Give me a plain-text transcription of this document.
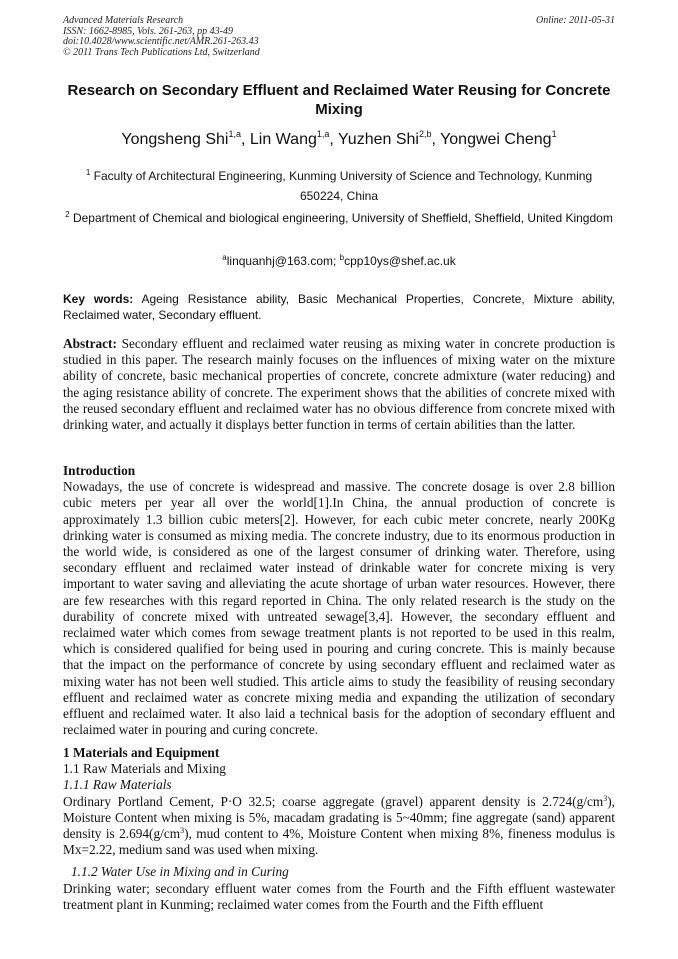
Advanced Materials Research
ISSN: 1662-8985, Vols. 261-263, pp 43-49
doi:10.4028/www.scientific.net/AMR.261-263.43
© 2011 Trans Tech Publications Ltd, Switzerland
Online: 2011-05-31
Research on Secondary Effluent and Reclaimed Water Reusing for Concrete Mixing
Yongsheng Shi$^{1,a}$, Lin Wang$^{1,a}$, Yuzhen Shi$^{2,b}$, Yongwei Cheng$^1$
$^1$ Faculty of Architectural Engineering, Kunming University of Science and Technology, Kunming 650224, China
$^2$ Department of Chemical and biological engineering, University of Sheffield, Sheffield, United Kingdom
$^a$linquanhj@163.com; $^b$cpp10ys@shef.ac.uk
Key words: Ageing Resistance ability, Basic Mechanical Properties, Concrete, Mixture ability, Reclaimed water, Secondary effluent.
Abstract: Secondary effluent and reclaimed water reusing as mixing water in concrete production is studied in this paper. The research mainly focuses on the influences of mixing water on the mixture ability of concrete, basic mechanical properties of concrete, concrete admixture (water reducing) and the aging resistance ability of concrete. The experiment shows that the abilities of concrete mixed with the reused secondary effluent and reclaimed water has no obvious difference from concrete mixed with drinking water, and actually it displays better function in terms of certain abilities than the latter.
Introduction
Nowadays, the use of concrete is widespread and massive. The concrete dosage is over 2.8 billion cubic meters per year all over the world[1].In China, the annual production of concrete is approximately 1.3 billion cubic meters[2]. However, for each cubic meter concrete, nearly 200Kg drinking water is consumed as mixing media. The concrete industry, due to its enormous production in the world wide, is considered as one of the largest consumer of drinking water. Therefore, using secondary effluent and reclaimed water instead of drinkable water for concrete mixing is very important to water saving and alleviating the acute shortage of urban water resources. However, there are few researches with this regard reported in China. The only related research is the study on the durability of concrete mixed with untreated sewage[3,4]. However, the secondary effluent and reclaimed water which comes from sewage treatment plants is not reported to be used in this realm, which is considered qualified for being used in pouring and curing concrete. This is mainly because that the impact on the performance of concrete by using secondary effluent and reclaimed water as mixing water has not been well studied. This article aims to study the feasibility of reusing secondary effluent and reclaimed water as concrete mixing media and expanding the utilization of secondary effluent and reclaimed water. It also laid a technical basis for the adoption of secondary effluent and reclaimed water in pouring and curing concrete.
1 Materials and Equipment
1.1 Raw Materials and Mixing
1.1.1 Raw Materials
Ordinary Portland Cement, P·O 32.5; coarse aggregate (gravel) apparent density is $2.724(g/cm^3)$, Moisture Content when mixing is 5%, macadam gradating is 5~40mm; fine aggregate (sand) apparent density is $2.694(g/cm^3)$, mud content to 4%, Moisture Content when mixing 8%, fineness modulus is Mx=2.22, medium sand was used when mixing.
1.1.2 Water Use in Mixing and in Curing
Drinking water; secondary effluent water comes from the Fourth and the Fifth effluent wastewater treatment plant in Kunming; reclaimed water comes from the Fourth and the Fifth effluent
